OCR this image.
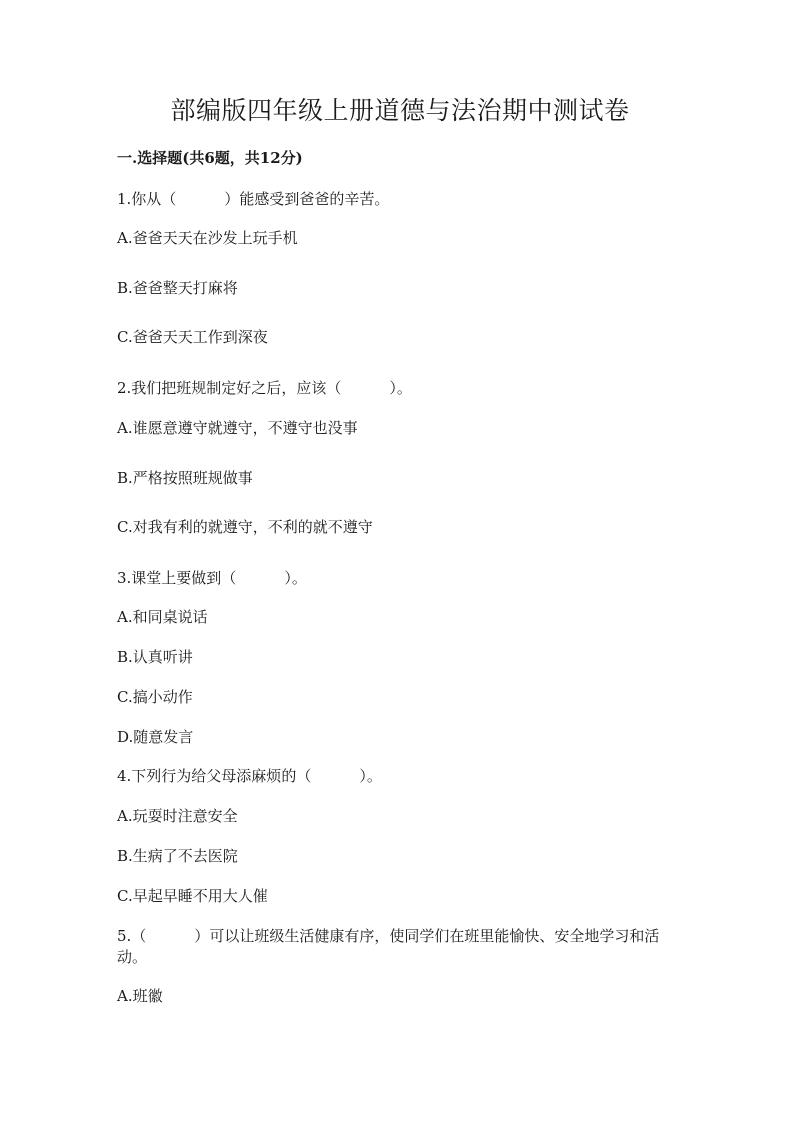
部编版四年级上册道德与法治期中测试卷
一.选择题(共6题，共12分)
1.你从（	）能感受到爸爸的辛苦。
A.爸爸天天在沙发上玩手机
B.爸爸整天打麻将
C.爸爸天天工作到深夜
2.我们把班规制定好之后，应该（	）。
A.谁愿意遵守就遵守，不遵守也没事
B.严格按照班规做事
C.对我有利的就遵守，不利的就不遵守
3.课堂上要做到（	）。
A.和同桌说话
B.认真听讲
C.搞小动作
D.随意发言
4.下列行为给父母添麻烦的（	）。
A.玩耍时注意安全
B.生病了不去医院
C.早起早睡不用大人催
5.（	）可以让班级生活健康有序，使同学们在班里能愉快、安全地学习和活动。
A.班徽
